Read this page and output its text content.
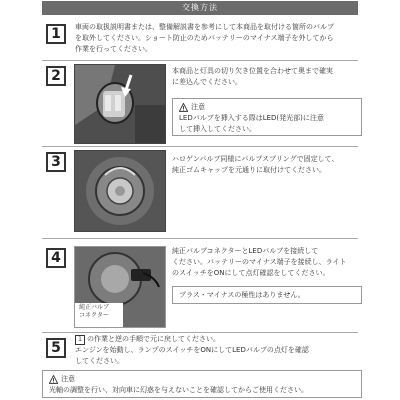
交換方法
1	車両の取扱説明書または、整備解説書を参考にして本商品を取付ける箇所のバルブ
を取外してください。ショート防止のためバッテリーのマイナス端子を外してから
作業を行ってください。
2	本商品と灯具の切り欠き位置を合わせて奥まで確実
に差込んでください。
注意
LEDバルブを挿入する際はLED(発光部)に注意
して挿入してください。
3	ハロゲンバルブ同様にバルブスプリングで固定して、
純正ゴムキャップを元通りに取付けてください。
4
純正バルブ
コネクター
純正バルブコネクターとLEDバルブを接続して
ください。バッテリーのマイナス端子を接続し、ライト
のスイッチをONにして点灯確認をしてください。
プラス・マイナスの極性はありません。
5
1 の作業と逆の手順で元に戻してください。
エンジンを始動し、ランプのスイッチをONにしてLEDバルブの点灯を確認
してください。
注意
光軸の調整を行い、対向車に幻惑を与えないことを確認してからご使用ください。
